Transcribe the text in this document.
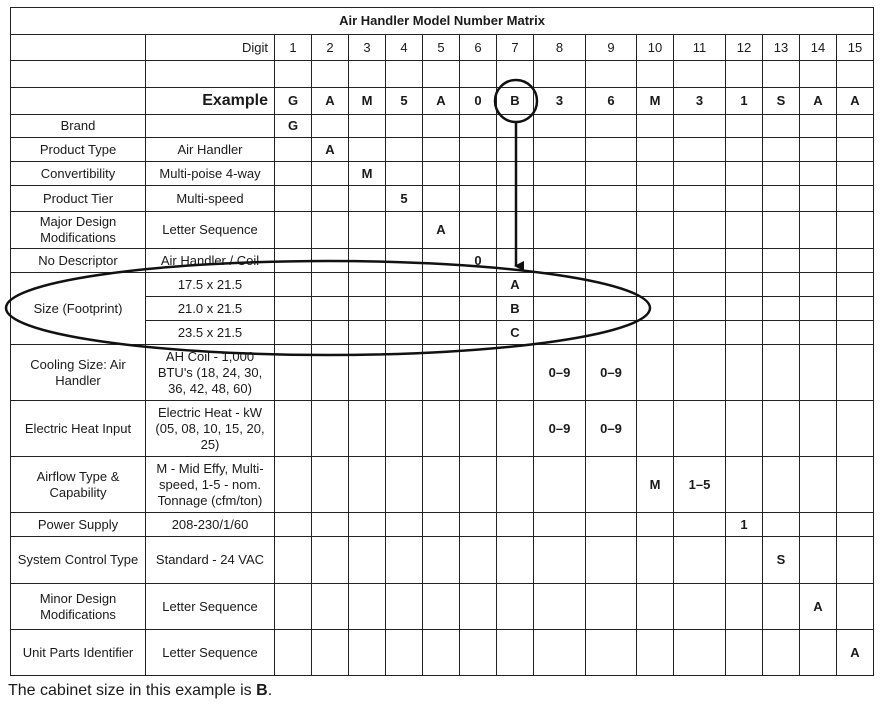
Air Handler Model Number Matrix																
	Digit	1	2	3	4	5	6	7	8	9	10	11	12	13	14	15

	Example	G	A	M	5	A	0	B	3	6	M	3	1	S	A	A
Brand		G														
Product Type	Air Handler		A													
Convertibility	Multi-poise 4-way			M												
Product Tier	Multi-speed				5											
Major Design Modifications	Letter Sequence					A										
No Descriptor	Air Handler / Coil						0									
Size (Footprint)	17.5 x 21.5							A								
	21.0 x 21.5							B								
	23.5 x 21.5							C								
Cooling Size: Air Handler	AH Coil - 1,000 BTU's (18, 24, 30, 36, 42, 48, 60)								0–9	0–9						
Electric Heat Input	Electric Heat - kW (05, 08, 10, 15, 20, 25)								0–9	0–9						
Airflow Type & Capability	M - Mid Effy, Multi-speed, 1-5 - nom. Tonnage (cfm/ton)										M	1–5				
Power Supply	208-230/1/60												1			
System Control Type	Standard - 24 VAC													S		
Minor Design Modifications	Letter Sequence														A	
Unit Parts Identifier	Letter Sequence															A
The cabinet size in this example is B.
